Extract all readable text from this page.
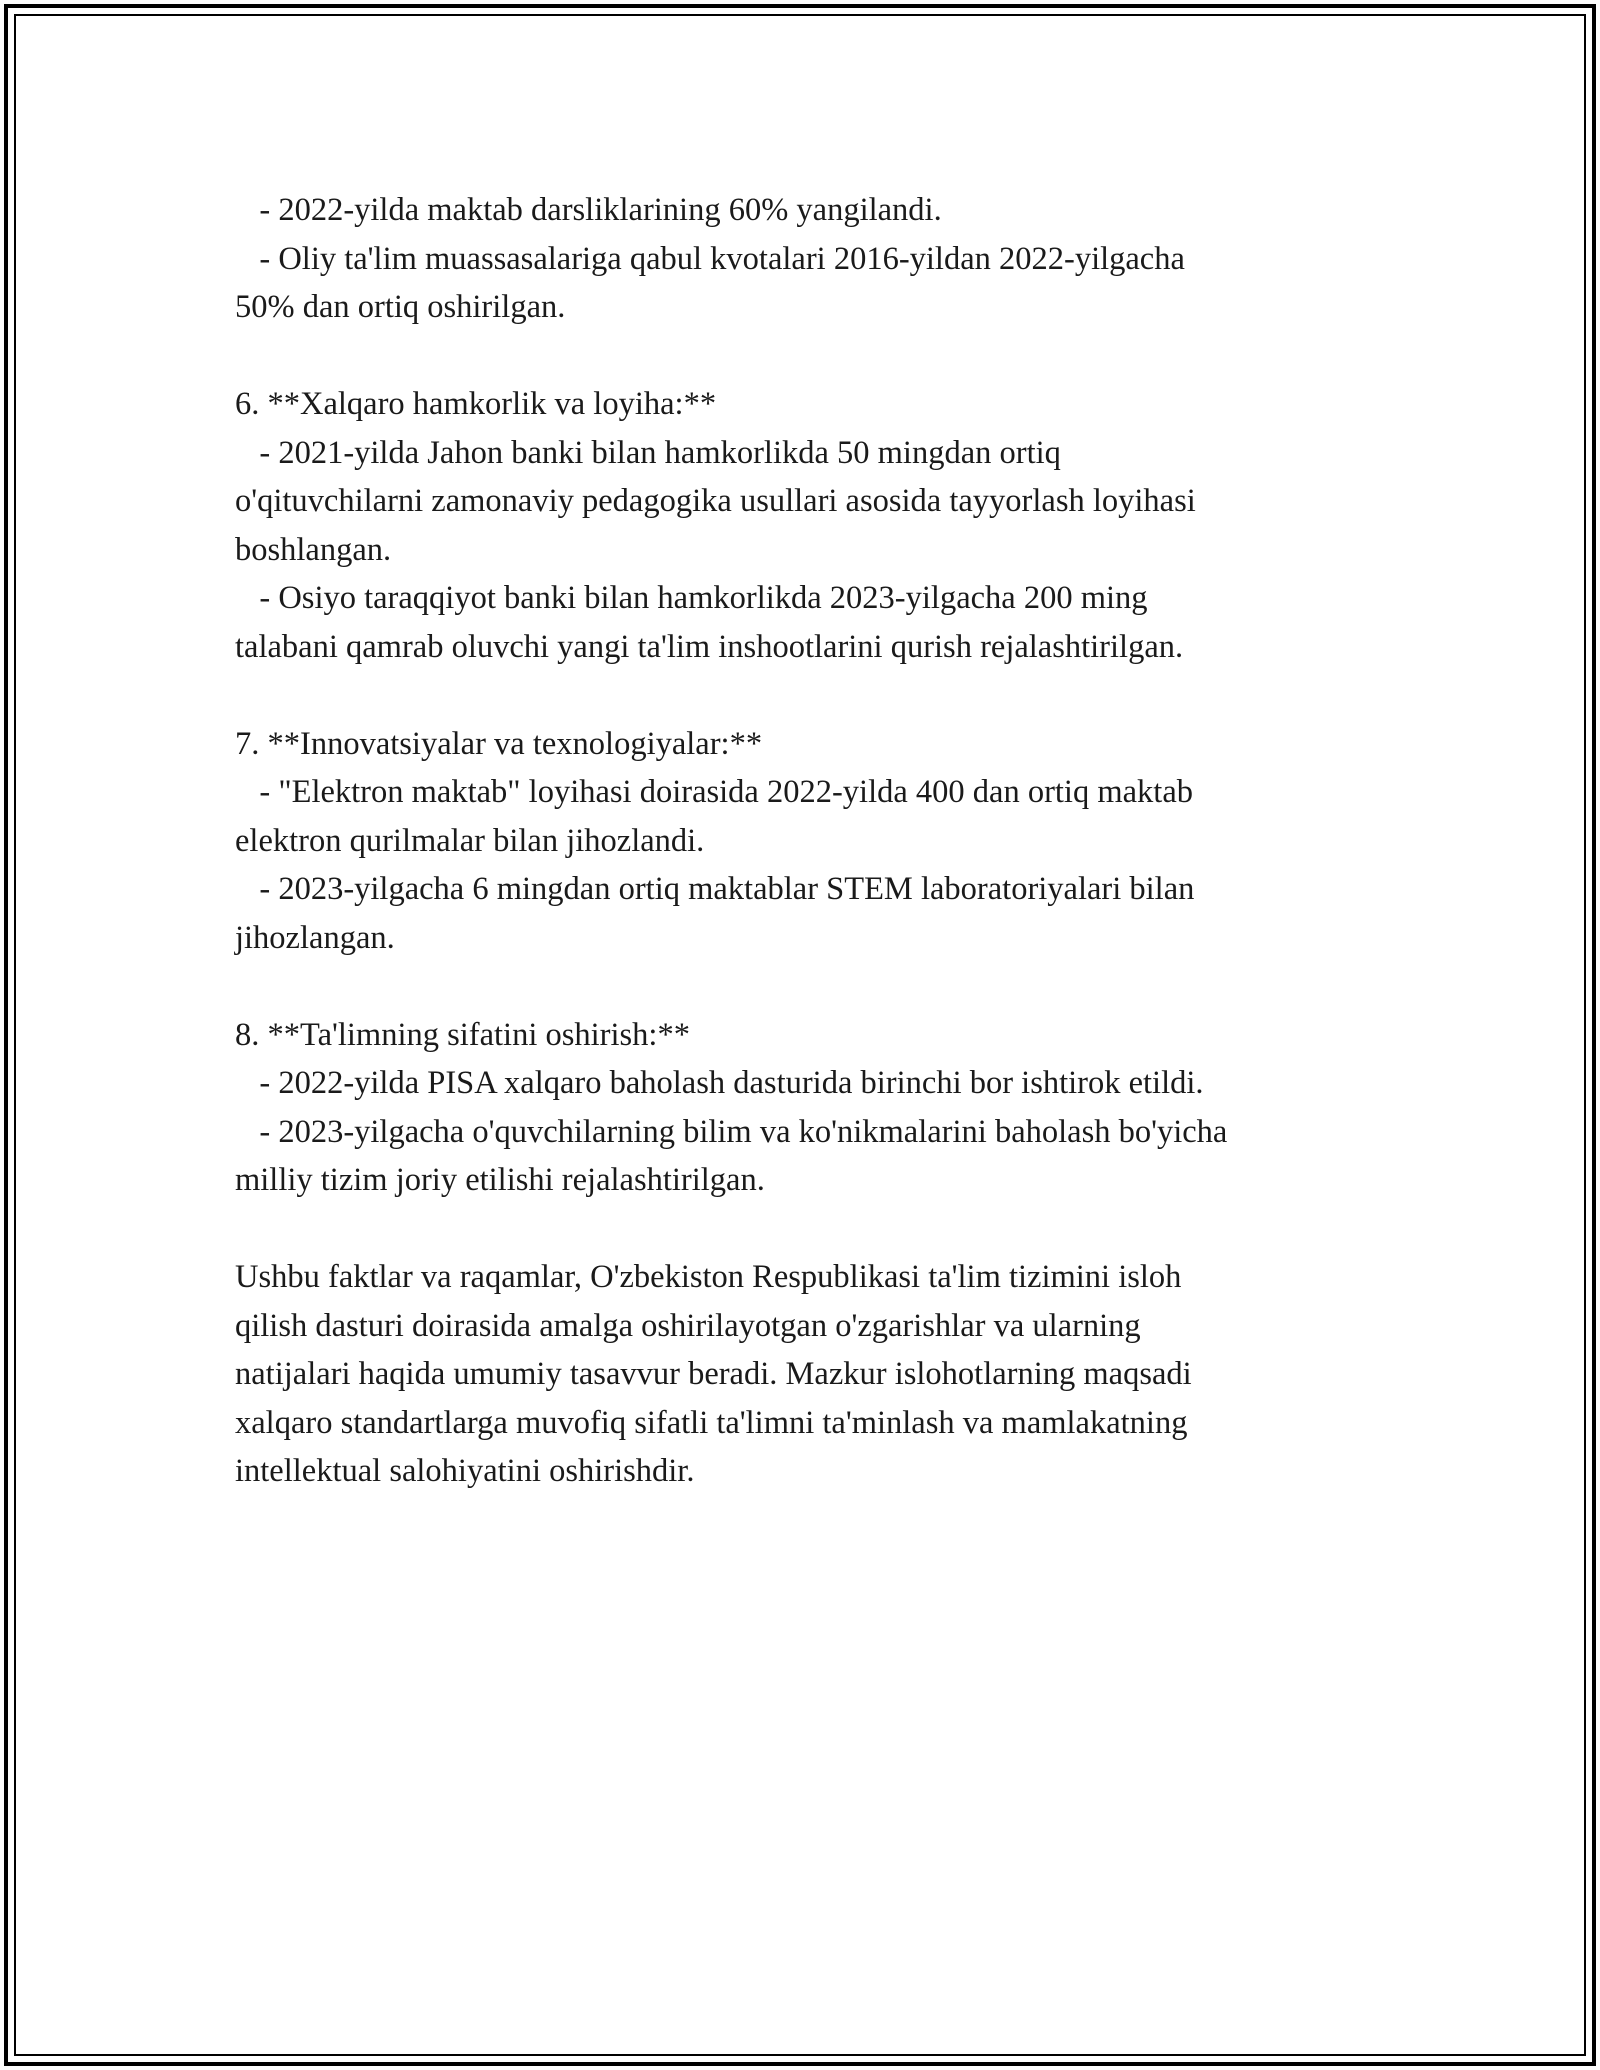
- 2022-yilda maktab darsliklarining 60% yangilandi.
- Oliy ta'lim muassasalariga qabul kvotalari 2016-yildan 2022-yilgacha
50% dan ortiq oshirilgan.
6. **Xalqaro hamkorlik va loyiha:**
- 2021-yilda Jahon banki bilan hamkorlikda 50 mingdan ortiq
o'qituvchilarni zamonaviy pedagogika usullari asosida tayyorlash loyihasi
boshlangan.
- Osiyo taraqqiyot banki bilan hamkorlikda 2023-yilgacha 200 ming
talabani qamrab oluvchi yangi ta'lim inshootlarini qurish rejalashtirilgan.
7. **Innovatsiyalar va texnologiyalar:**
- "Elektron maktab" loyihasi doirasida 2022-yilda 400 dan ortiq maktab
elektron qurilmalar bilan jihozlandi.
- 2023-yilgacha 6 mingdan ortiq maktablar STEM laboratoriyalari bilan
jihozlangan.
8. **Ta'limning sifatini oshirish:**
- 2022-yilda PISA xalqaro baholash dasturida birinchi bor ishtirok etildi.
- 2023-yilgacha o'quvchilarning bilim va ko'nikmalarini baholash bo'yicha
milliy tizim joriy etilishi rejalashtirilgan.
Ushbu faktlar va raqamlar, O'zbekiston Respublikasi ta'lim tizimini isloh
qilish dasturi doirasida amalga oshirilayotgan o'zgarishlar va ularning
natijalari haqida umumiy tasavvur beradi. Mazkur islohotlarning maqsadi
xalqaro standartlarga muvofiq sifatli ta'limni ta'minlash va mamlakatning
intellektual salohiyatini oshirishdir.
